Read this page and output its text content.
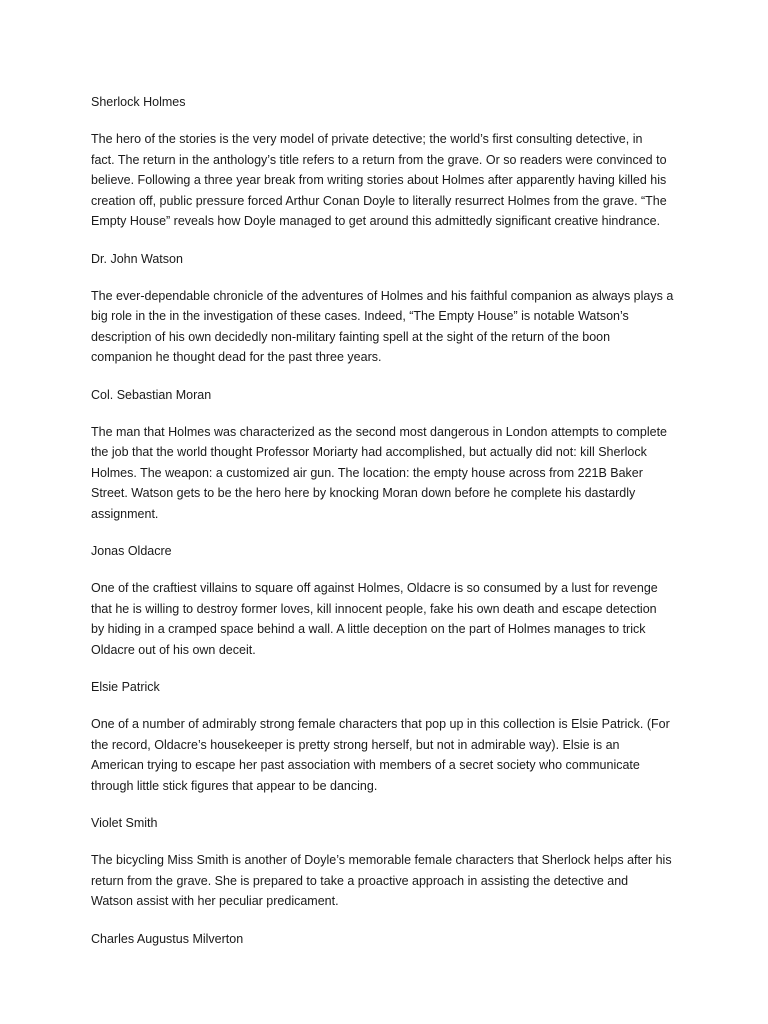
Sherlock Holmes

The hero of the stories is the very model of private detective; the world’s first consulting detective, in
fact. The return in the anthology’s title refers to a return from the grave. Or so readers were convinced to
believe. Following a three year break from writing stories about Holmes after apparently having killed his
creation off, public pressure forced Arthur Conan Doyle to literally resurrect Holmes from the grave. “The
Empty House” reveals how Doyle managed to get around this admittedly significant creative hindrance.

Dr. John Watson

The ever-dependable chronicle of the adventures of Holmes and his faithful companion as always plays a
big role in the in the investigation of these cases. Indeed, “The Empty House” is notable Watson’s
description of his own decidedly non-military fainting spell at the sight of the return of the boon
companion he thought dead for the past three years.

Col. Sebastian Moran

The man that Holmes was characterized as the second most dangerous in London attempts to complete
the job that the world thought Professor Moriarty had accomplished, but actually did not: kill Sherlock
Holmes. The weapon: a customized air gun. The location: the empty house across from 221B Baker
Street. Watson gets to be the hero here by knocking Moran down before he complete his dastardly
assignment.

Jonas Oldacre

One of the craftiest villains to square off against Holmes, Oldacre is so consumed by a lust for revenge
that he is willing to destroy former loves, kill innocent people, fake his own death and escape detection
by hiding in a cramped space behind a wall. A little deception on the part of Holmes manages to trick
Oldacre out of his own deceit.

Elsie Patrick

One of a number of admirably strong female characters that pop up in this collection is Elsie Patrick. (For
the record, Oldacre’s housekeeper is pretty strong herself, but not in admirable way). Elsie is an
American trying to escape her past association with members of a secret society who communicate
through little stick figures that appear to be dancing.

Violet Smith

The bicycling Miss Smith is another of Doyle’s memorable female characters that Sherlock helps after his
return from the grave. She is prepared to take a proactive approach in assisting the detective and
Watson assist with her peculiar predicament.

Charles Augustus Milverton
